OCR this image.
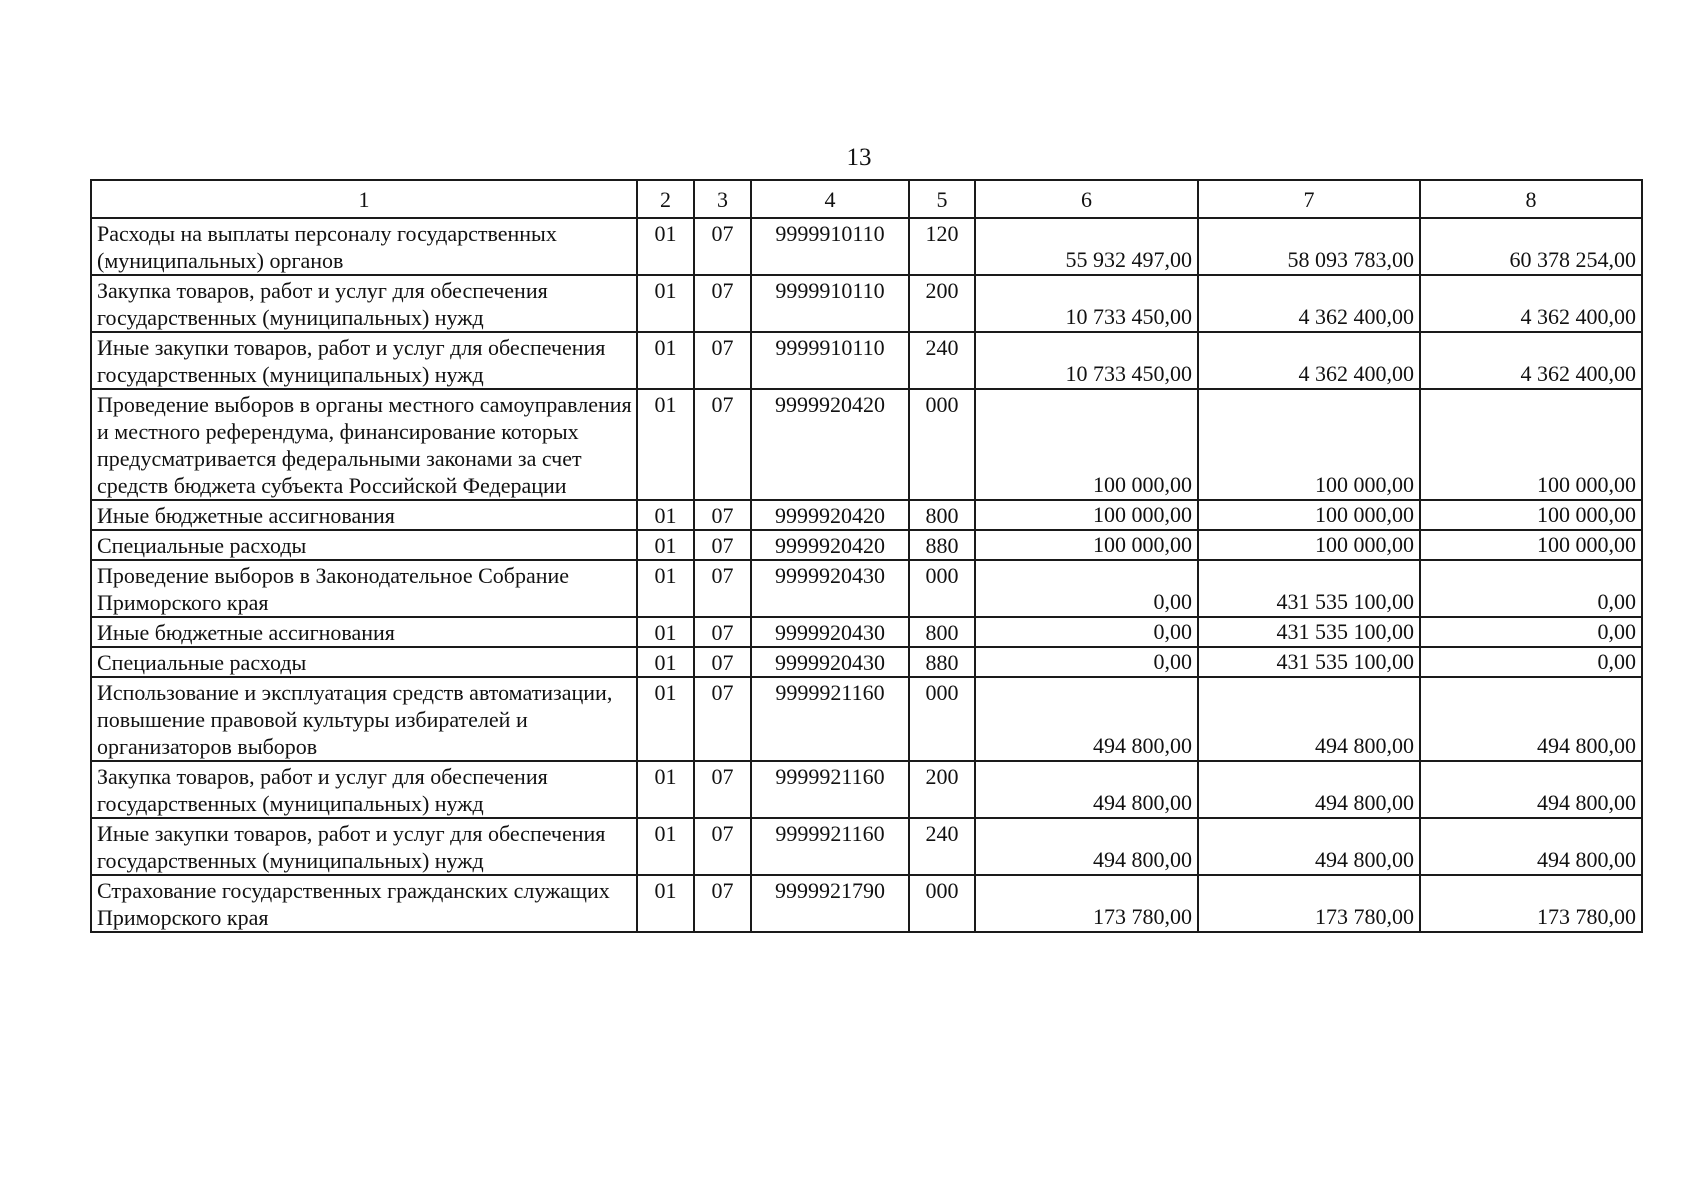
13
1	2	3	4	5	6	7	8
Расходы на выплаты персоналу государственных (муниципальных) органов	01	07	9999910110	120	55 932 497,00	58 093 783,00	60 378 254,00
Закупка товаров, работ и услуг для обеспечения государственных (муниципальных) нужд	01	07	9999910110	200	10 733 450,00	4 362 400,00	4 362 400,00
Иные закупки товаров, работ и услуг для обеспечения государственных (муниципальных) нужд	01	07	9999910110	240	10 733 450,00	4 362 400,00	4 362 400,00
Проведение выборов в органы местного самоуправления и местного референдума, финансирование которых предусматривается федеральными законами за счет средств бюджета субъекта Российской Федерации	01	07	9999920420	000	100 000,00	100 000,00	100 000,00
Иные бюджетные ассигнования	01	07	9999920420	800	100 000,00	100 000,00	100 000,00
Специальные расходы	01	07	9999920420	880	100 000,00	100 000,00	100 000,00
Проведение выборов в Законодательное Собрание Приморского края	01	07	9999920430	000	0,00	431 535 100,00	0,00
Иные бюджетные ассигнования	01	07	9999920430	800	0,00	431 535 100,00	0,00
Специальные расходы	01	07	9999920430	880	0,00	431 535 100,00	0,00
Использование и эксплуатация средств автоматизации, повышение правовой культуры избирателей и организаторов выборов	01	07	9999921160	000	494 800,00	494 800,00	494 800,00
Закупка товаров, работ и услуг для обеспечения государственных (муниципальных) нужд	01	07	9999921160	200	494 800,00	494 800,00	494 800,00
Иные закупки товаров, работ и услуг для обеспечения государственных (муниципальных) нужд	01	07	9999921160	240	494 800,00	494 800,00	494 800,00
Страхование государственных гражданских служащих Приморского края	01	07	9999921790	000	173 780,00	173 780,00	173 780,00
